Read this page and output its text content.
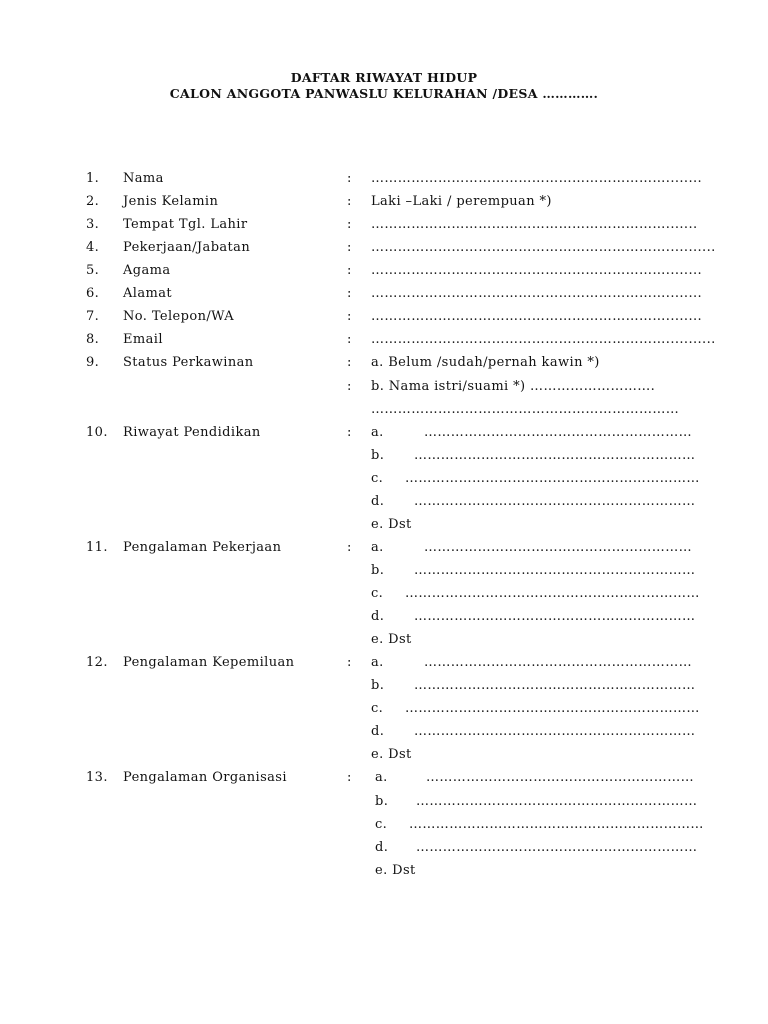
DAFTAR RIWAYAT HIDUP
CALON ANGGOTA PANWASLU KELURAHAN /DESA ………….
1. Nama	: …………………………………………………………........
2. Jenis Kelamin	: Laki –Laki / perempuan *)
3. Tempat Tgl. Lahir	: ………………………………………………………….......
4. Pekerjaan/Jabatan	: …………………………………………………………...........
5. Agama	: …………………………………………………………........
6. Alamat	: …………………………………………………………........
7. No. Telepon/WA	: …………………………………………………………........
8. Email	: …………………………………………………………...........
9. Status Perkawinan	: a. Belum /sudah/pernah kawin *)
: b. Nama istri/suami *) ……………………….
……………………………………………………………
10. Riwayat Pendidikan	: a.	……………………………………………………
b. ………………………………………………………
c. …………………………………………………………
d. ………………………………………………………
e. Dst
11. Pengalaman Pekerjaan	: a.	……………………………………………………
b. ………………………………………………………
c. …………………………………………………………
d. ………………………………………………………
e. Dst
12. Pengalaman Kepemiluan	: a.	……………………………………………………
b. ………………………………………………………
c. …………………………………………………………
d. ………………………………………………………
e. Dst
13. Pengalaman Organisasi	: a.	……………………………………………………
b. ………………………………………………………
c. …………………………………………………………
d. ………………………………………………………
e. Dst
